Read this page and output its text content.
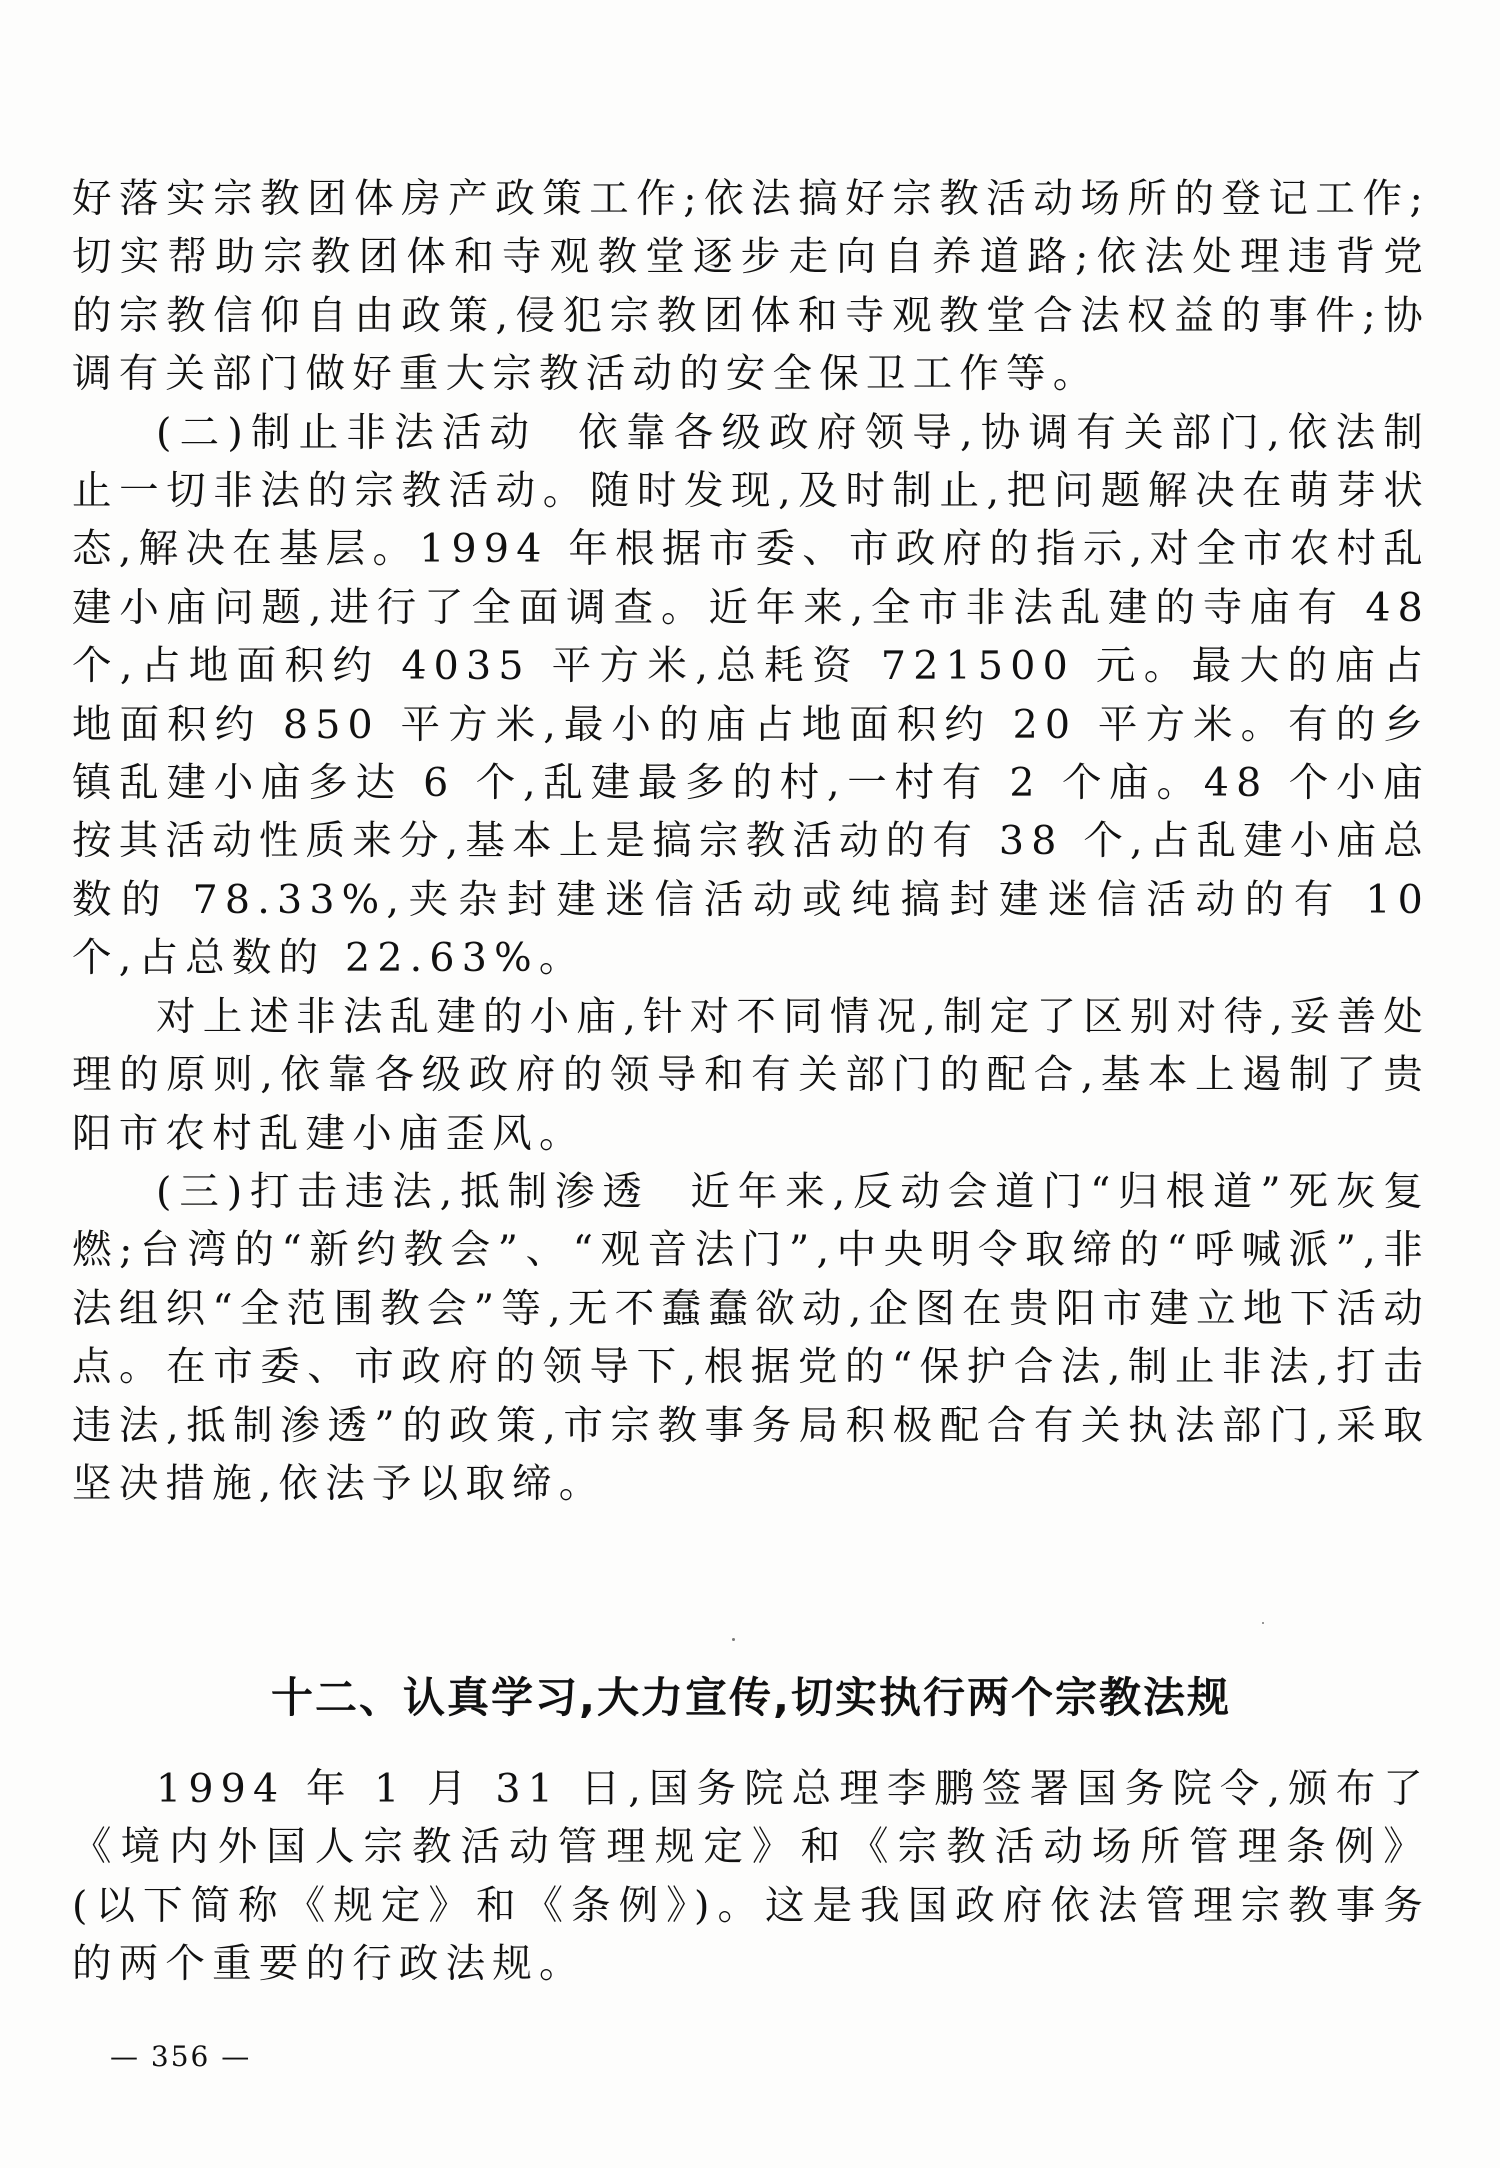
好落实宗教团体房产政策工作;依法搞好宗教活动场所的登记工作;切实帮助宗教团体和寺观教堂逐步走向自养道路;依法处理违背党的宗教信仰自由政策,侵犯宗教团体和寺观教堂合法权益的事件;协调有关部门做好重大宗教活动的安全保卫工作等。

(二)制止非法活动 依靠各级政府领导,协调有关部门,依法制止一切非法的宗教活动。随时发现,及时制止,把问题解决在萌芽状态,解决在基层。1994 年根据市委、市政府的指示,对全市农村乱建小庙问题,进行了全面调查。近年来,全市非法乱建的寺庙有 48 个,占地面积约 4035 平方米,总耗资 721500 元。最大的庙占地面积约 850 平方米,最小的庙占地面积约 20 平方米。有的乡镇乱建小庙多达 6 个,乱建最多的村,一村有 2 个庙。48 个小庙按其活动性质来分,基本上是搞宗教活动的有 38 个,占乱建小庙总数的 78.33%,夹杂封建迷信活动或纯搞封建迷信活动的有 10 个,占总数的 22.63%。

对上述非法乱建的小庙,针对不同情况,制定了区别对待,妥善处理的原则,依靠各级政府的领导和有关部门的配合,基本上遏制了贵阳市农村乱建小庙歪风。

(三)打击违法,抵制渗透 近年来,反动会道门“归根道”死灰复燃;台湾的“新约教会”、“观音法门”,中央明令取缔的“呼喊派”,非法组织“全范围教会”等,无不蠢蠢欲动,企图在贵阳市建立地下活动点。在市委、市政府的领导下,根据党的“保护合法,制止非法,打击违法,抵制渗透”的政策,市宗教事务局积极配合有关执法部门,采取坚决措施,依法予以取缔。

十二、认真学习,大力宣传,切实执行两个宗教法规

1994 年 1 月 31 日,国务院总理李鹏签署国务院令,颁布了《境内外国人宗教活动管理规定》和《宗教活动场所管理条例》(以下简称《规定》和《条例》)。这是我国政府依法管理宗教事务的两个重要的行政法规。

— 356 —
